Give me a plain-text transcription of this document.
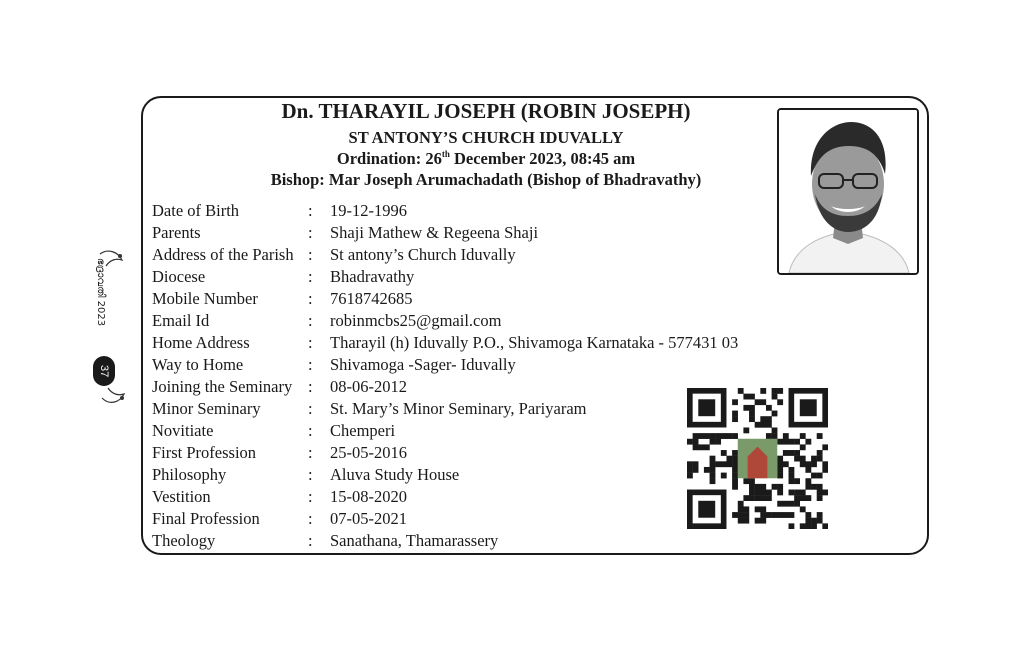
ഭദ്രാവതി 2023
37
Dn. THARAYIL JOSEPH (ROBIN JOSEPH)
ST ANTONY’S CHURCH IDUVALLY
Ordination: 26th December 2023, 08:45 am
Bishop: Mar Joseph Arumachadath (Bishop of Bhadravathy)
Date of Birth	: 19-12-1996
Parents	: Shaji Mathew & Regeena Shaji
Address of the Parish : St antony’s Church Iduvally
Diocese	: Bhadravathy
Mobile Number	: 7618742685
Email Id	: robinmcbs25@gmail.com
Home Address	: Tharayil (h) Iduvally P.O., Shivamoga Karnataka - 577431 03
Way to Home	: Shivamoga -Sager- Iduvally
Joining the Seminary : 08-06-2012
Minor Seminary	: St. Mary’s Minor Seminary, Pariyaram
Novitiate	: Chemperi
First Profession	: 25-05-2016
Philosophy	: Aluva Study House
Vestition	: 15-08-2020
Final Profession	: 07-05-2021
Theology	: Sanathana, Thamarassery
